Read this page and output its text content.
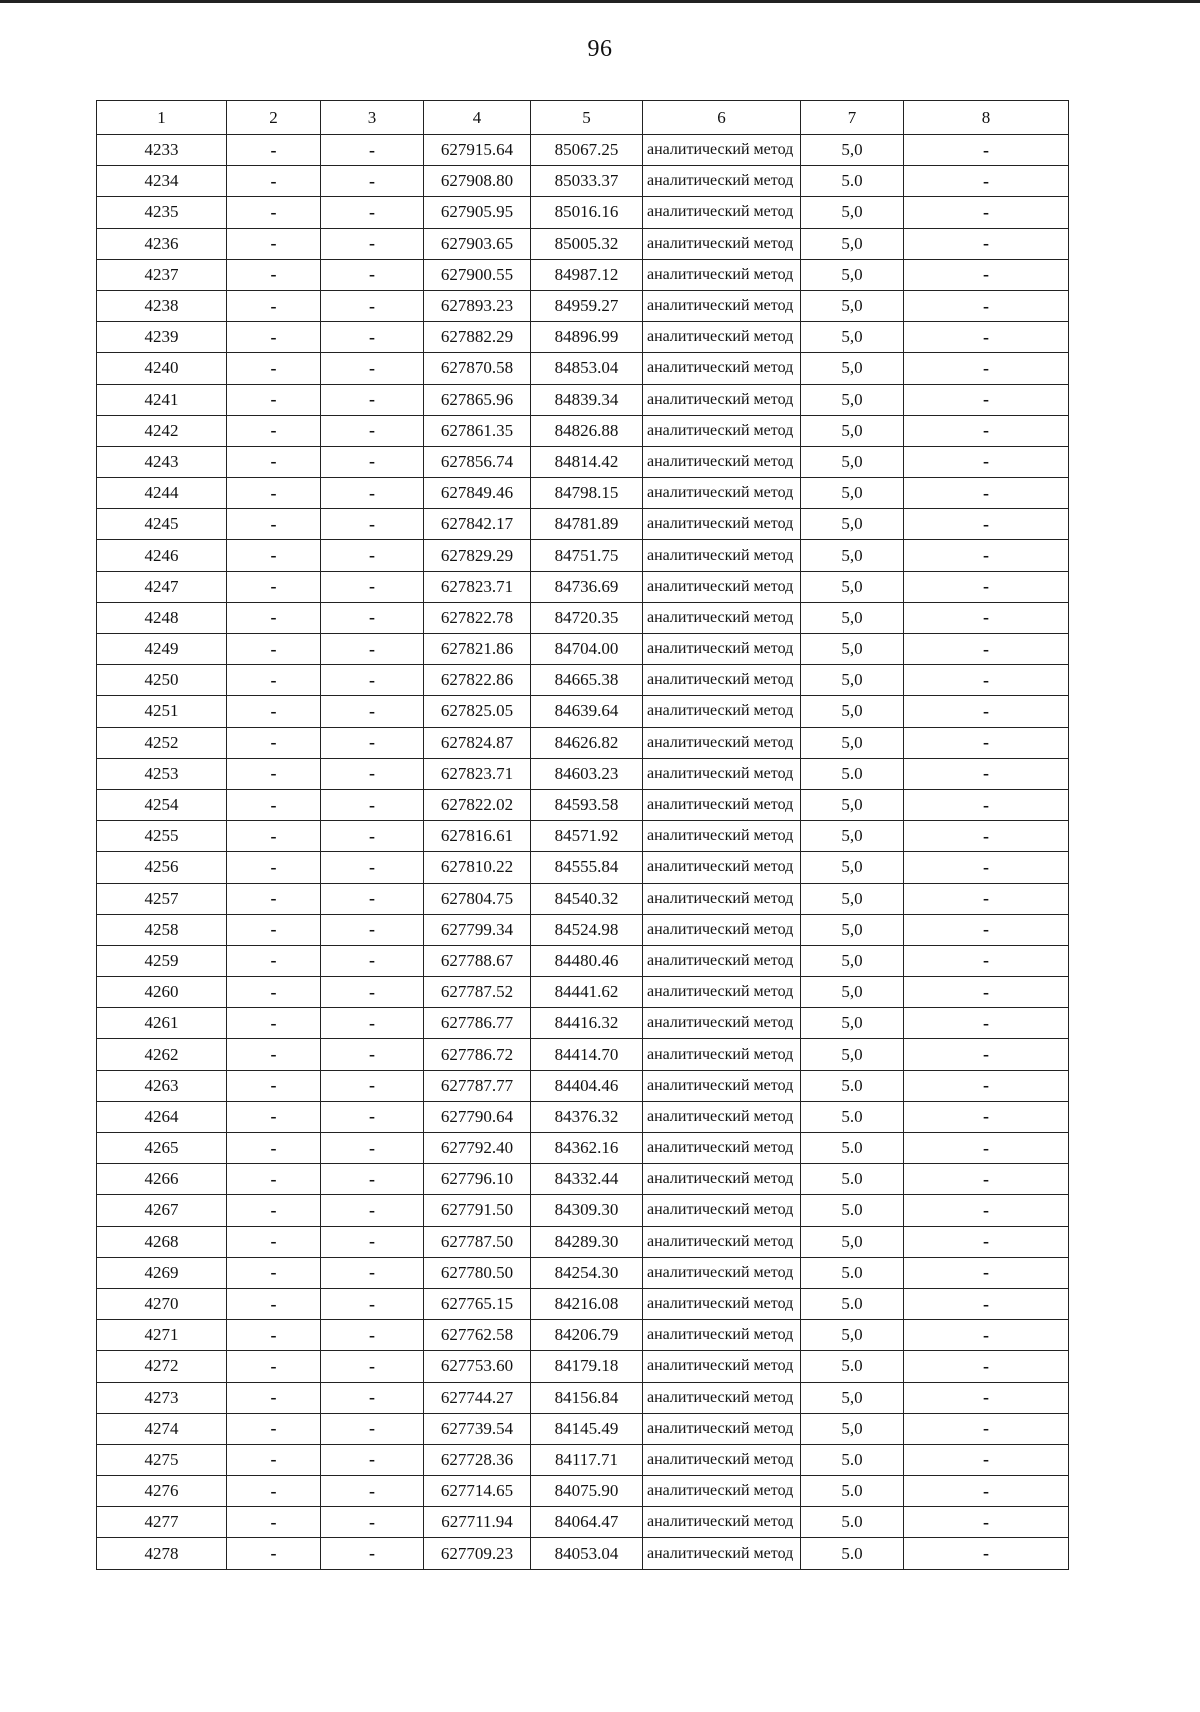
96
1	2	3	4	5	6	7	8
4233	-	-	627915.64	85067.25	аналитический метод	5,0	-
4234	-	-	627908.80	85033.37	аналитический метод	5.0	-
4235	-	-	627905.95	85016.16	аналитический метод	5,0	-
4236	-	-	627903.65	85005.32	аналитический метод	5,0	-
4237	-	-	627900.55	84987.12	аналитический метод	5,0	-
4238	-	-	627893.23	84959.27	аналитический метод	5,0	-
4239	-	-	627882.29	84896.99	аналитический метод	5,0	-
4240	-	-	627870.58	84853.04	аналитический метод	5,0	-
4241	-	-	627865.96	84839.34	аналитический метод	5,0	-
4242	-	-	627861.35	84826.88	аналитический метод	5,0	-
4243	-	-	627856.74	84814.42	аналитический метод	5,0	-
4244	-	-	627849.46	84798.15	аналитический метод	5,0	-
4245	-	-	627842.17	84781.89	аналитический метод	5,0	-
4246	-	-	627829.29	84751.75	аналитический метод	5,0	-
4247	-	-	627823.71	84736.69	аналитический метод	5,0	-
4248	-	-	627822.78	84720.35	аналитический метод	5,0	-
4249	-	-	627821.86	84704.00	аналитический метод	5,0	-
4250	-	-	627822.86	84665.38	аналитический метод	5,0	-
4251	-	-	627825.05	84639.64	аналитический метод	5,0	-
4252	-	-	627824.87	84626.82	аналитический метод	5,0	-
4253	-	-	627823.71	84603.23	аналитический метод	5.0	-
4254	-	-	627822.02	84593.58	аналитический метод	5,0	-
4255	-	-	627816.61	84571.92	аналитический метод	5,0	-
4256	-	-	627810.22	84555.84	аналитический метод	5,0	-
4257	-	-	627804.75	84540.32	аналитический метод	5,0	-
4258	-	-	627799.34	84524.98	аналитический метод	5,0	-
4259	-	-	627788.67	84480.46	аналитический метод	5,0	-
4260	-	-	627787.52	84441.62	аналитический метод	5,0	-
4261	-	-	627786.77	84416.32	аналитический метод	5,0	-
4262	-	-	627786.72	84414.70	аналитический метод	5,0	-
4263	-	-	627787.77	84404.46	аналитический метод	5.0	-
4264	-	-	627790.64	84376.32	аналитический метод	5.0	-
4265	-	-	627792.40	84362.16	аналитический метод	5.0	-
4266	-	-	627796.10	84332.44	аналитический метод	5.0	-
4267	-	-	627791.50	84309.30	аналитический метод	5.0	-
4268	-	-	627787.50	84289.30	аналитический метод	5,0	-
4269	-	-	627780.50	84254.30	аналитический метод	5.0	-
4270	-	-	627765.15	84216.08	аналитический метод	5.0	-
4271	-	-	627762.58	84206.79	аналитический метод	5,0	-
4272	-	-	627753.60	84179.18	аналитический метод	5.0	-
4273	-	-	627744.27	84156.84	аналитический метод	5,0	-
4274	-	-	627739.54	84145.49	аналитический метод	5,0	-
4275	-	-	627728.36	84117.71	аналитический метод	5.0	-
4276	-	-	627714.65	84075.90	аналитический метод	5.0	-
4277	-	-	627711.94	84064.47	аналитический метод	5.0	-
4278	-	-	627709.23	84053.04	аналитический метод	5.0	-
